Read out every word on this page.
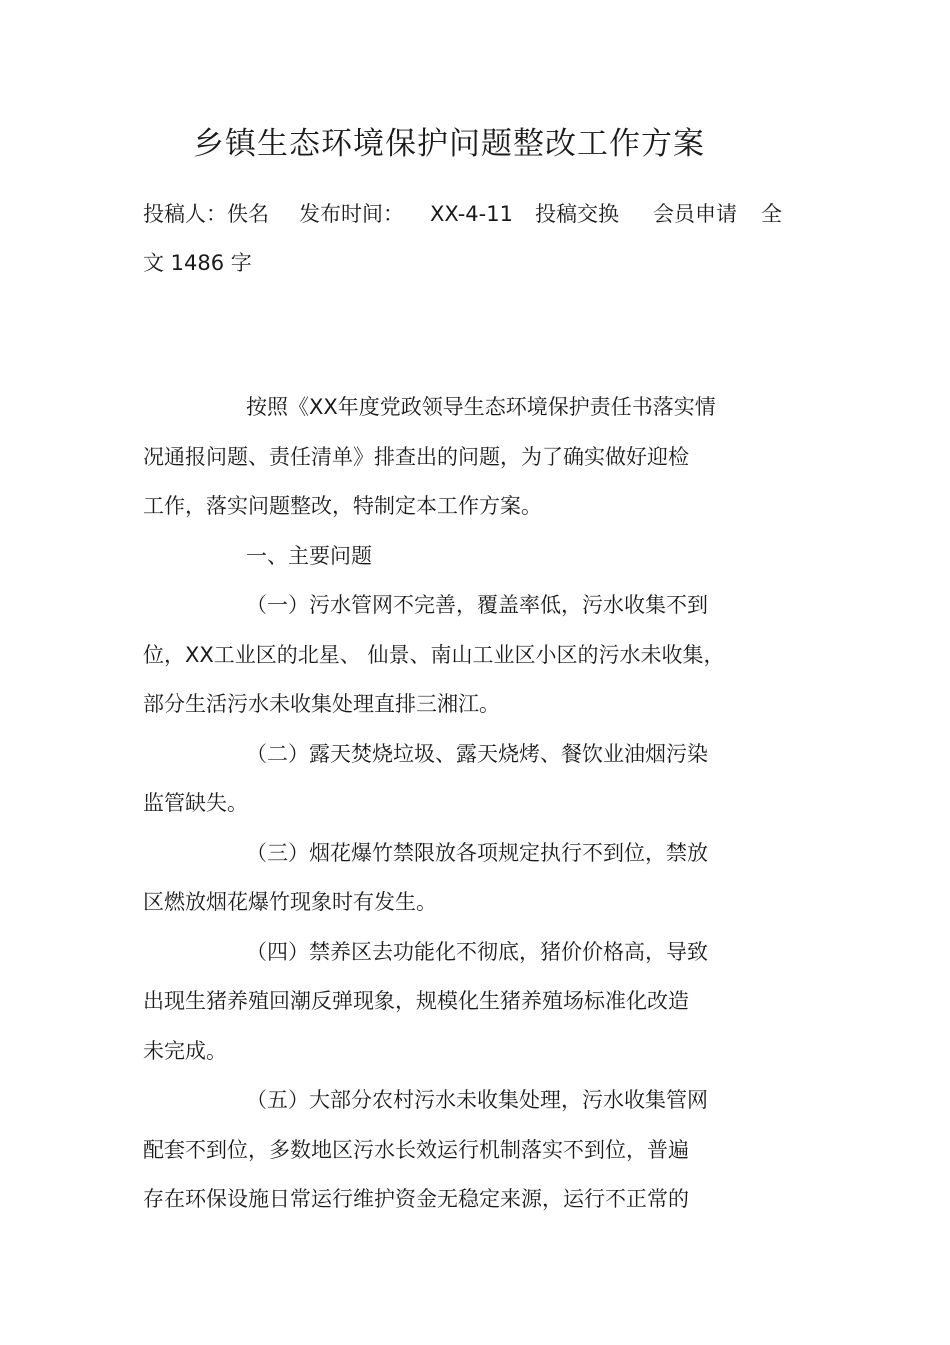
乡镇生态环境保护问题整改工作方案
投稿人：佚名 发布时间： XX-4-11 投稿交换 会员申请 全
文 1486 字
按照《XX年度党政领导生态环境保护责任书落实情
况通报问题、责任清单》排查出的问题，为了确实做好迎检
工作，落实问题整改，特制定本工作方案。
一、主要问题
（一）污水管网不完善，覆盖率低，污水收集不到
位，XX工业区的北星、 仙景、南山工业区小区的污水未收集，
部分生活污水未收集处理直排三湘江。
（二）露天焚烧垃圾、露天烧烤、餐饮业油烟污染
监管缺失。
（三）烟花爆竹禁限放各项规定执行不到位，禁放
区燃放烟花爆竹现象时有发生。
（四）禁养区去功能化不彻底，猪价价格高，导致
出现生猪养殖回潮反弹现象，规模化生猪养殖场标准化改造
未完成。
（五）大部分农村污水未收集处理，污水收集管网
配套不到位，多数地区污水长效运行机制落实不到位，普遍
存在环保设施日常运行维护资金无稳定来源，运行不正常的
